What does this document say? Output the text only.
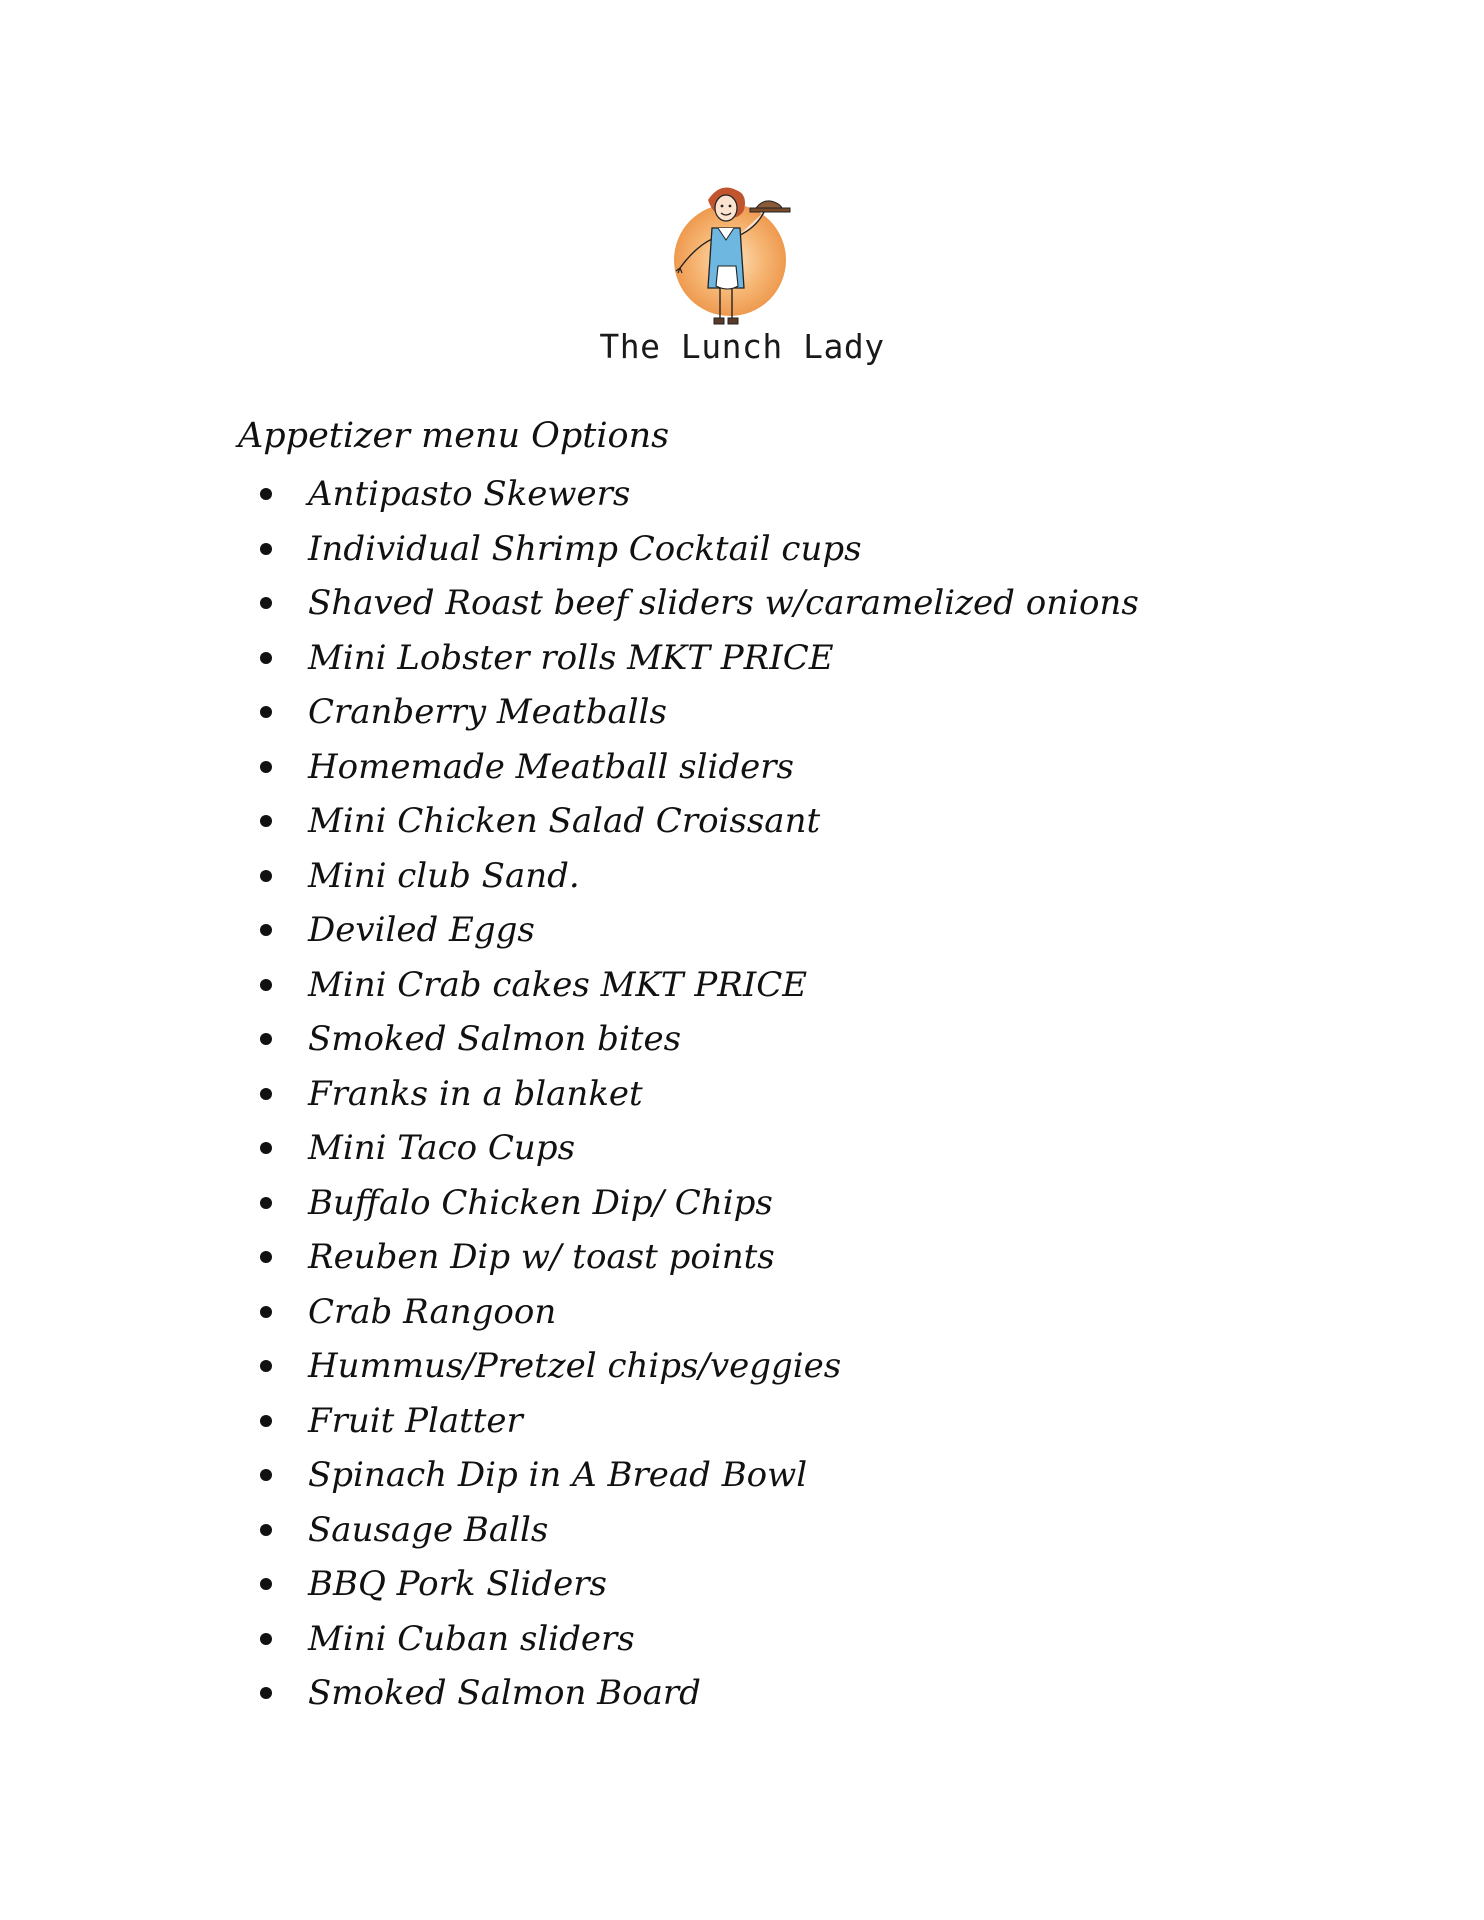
The Lunch Lady
Appetizer menu Options
Antipasto Skewers
Individual Shrimp Cocktail cups
Shaved Roast beef sliders w/caramelized onions
Mini Lobster rolls MKT PRICE
Cranberry Meatballs
Homemade Meatball sliders
Mini Chicken Salad Croissant
Mini club Sand.
Deviled Eggs
Mini Crab cakes MKT PRICE
Smoked Salmon bites
Franks in a blanket
Mini Taco Cups
Buffalo Chicken Dip/ Chips
Reuben Dip w/ toast points
Crab Rangoon
Hummus/Pretzel chips/veggies
Fruit Platter
Spinach Dip in A Bread Bowl
Sausage Balls
BBQ Pork Sliders
Mini Cuban sliders
Smoked Salmon Board
